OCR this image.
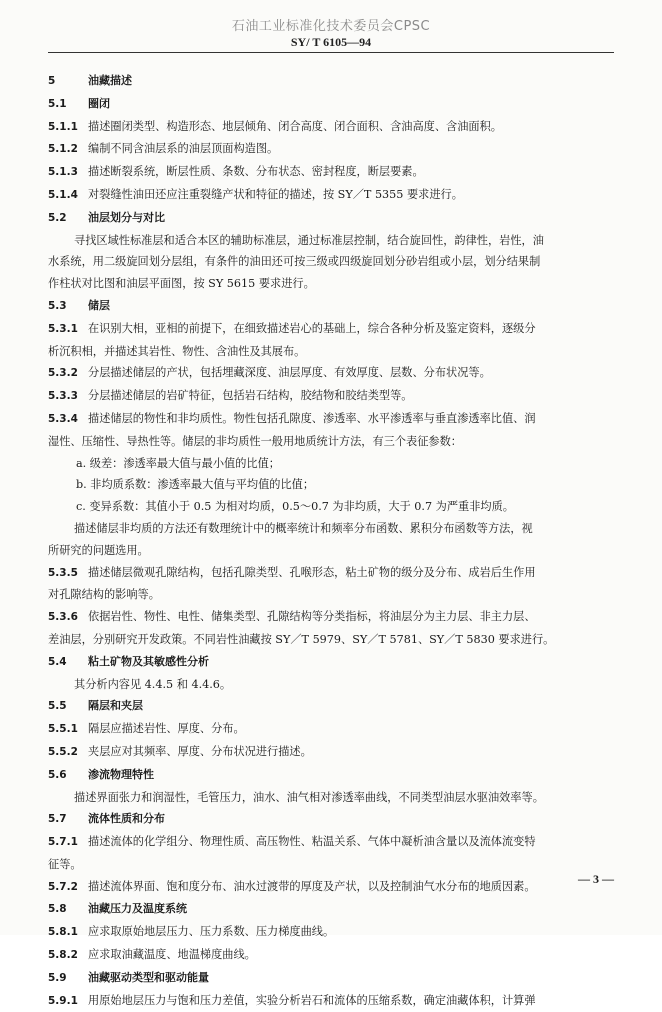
石油工业标准化技术委员会CPSC
SY/ T 6105—94
5	油藏描述
5.1 圈闭
5.1.1 描述圈闭类型、构造形态、地层倾角、闭合高度、闭合面积、含油高度、含油面积。
5.1.2 编制不同含油层系的油层顶面构造图。
5.1.3 描述断裂系统，断层性质、条数、分布状态、密封程度，断层要素。
5.1.4 对裂缝性油田还应注重裂缝产状和特征的描述，按 SY／T 5355 要求进行。
5.2 油层划分与对比
寻找区域性标准层和适合本区的辅助标准层，通过标准层控制，结合旋回性，韵律性，岩性，油
水系统，用二级旋回划分层组，有条件的油田还可按三级或四级旋回划分砂岩组或小层，划分结果制
作柱状对比图和油层平面图，按 SY 5615 要求进行。
5.3 储层
5.3.1 在识别大相，亚相的前提下，在细致描述岩心的基础上，综合各种分析及鉴定资料，逐级分
析沉积相，并描述其岩性、物性、含油性及其展布。
5.3.2 分层描述储层的产状，包括埋藏深度、油层厚度、有效厚度、层数、分布状况等。
5.3.3 分层描述储层的岩矿特征，包括岩石结构，胶结物和胶结类型等。
5.3.4 描述储层的物性和非均质性。物性包括孔隙度、渗透率、水平渗透率与垂直渗透率比值、润
湿性、压缩性、导热性等。储层的非均质性一般用地质统计方法，有三个表征参数：
a. 级差：渗透率最大值与最小值的比值；
b. 非均质系数：渗透率最大值与平均值的比值；
c. 变异系数：其值小于 0.5 为相对均质，0.5～0.7 为非均质，大于 0.7 为严重非均质。
描述储层非均质的方法还有数理统计中的概率统计和频率分布函数、累积分布函数等方法，视
所研究的问题选用。
5.3.5 描述储层微观孔隙结构，包括孔隙类型、孔喉形态，粘土矿物的级分及分布、成岩后生作用
对孔隙结构的影响等。
5.3.6 依据岩性、物性、电性、储集类型、孔隙结构等分类指标，将油层分为主力层、非主力层、
差油层，分别研究开发政策。不同岩性油藏按 SY／T 5979、SY／T 5781、SY／T 5830 要求进行。
5.4 粘土矿物及其敏感性分析
其分析内容见 4.4.5 和 4.4.6。
5.5 隔层和夹层
5.5.1 隔层应描述岩性、厚度、分布。
5.5.2 夹层应对其频率、厚度、分布状况进行描述。
5.6 渗流物理特性
描述界面张力和润湿性，毛管压力，油水、油气相对渗透率曲线，不同类型油层水驱油效率等。
5.7 流体性质和分布
5.7.1 描述流体的化学组分、物理性质、高压物性、粘温关系、气体中凝析油含量以及流体流变特
征等。
5.7.2 描述流体界面、饱和度分布、油水过渡带的厚度及产状，以及控制油气水分布的地质因素。
5.8 油藏压力及温度系统
5.8.1 应求取原始地层压力、压力系数、压力梯度曲线。
5.8.2 应求取油藏温度、地温梯度曲线。
5.9 油藏驱动类型和驱动能量
5.9.1 用原始地层压力与饱和压力差值，实验分析岩石和流体的压缩系数，确定油藏体积，计算弹
— 3 —
